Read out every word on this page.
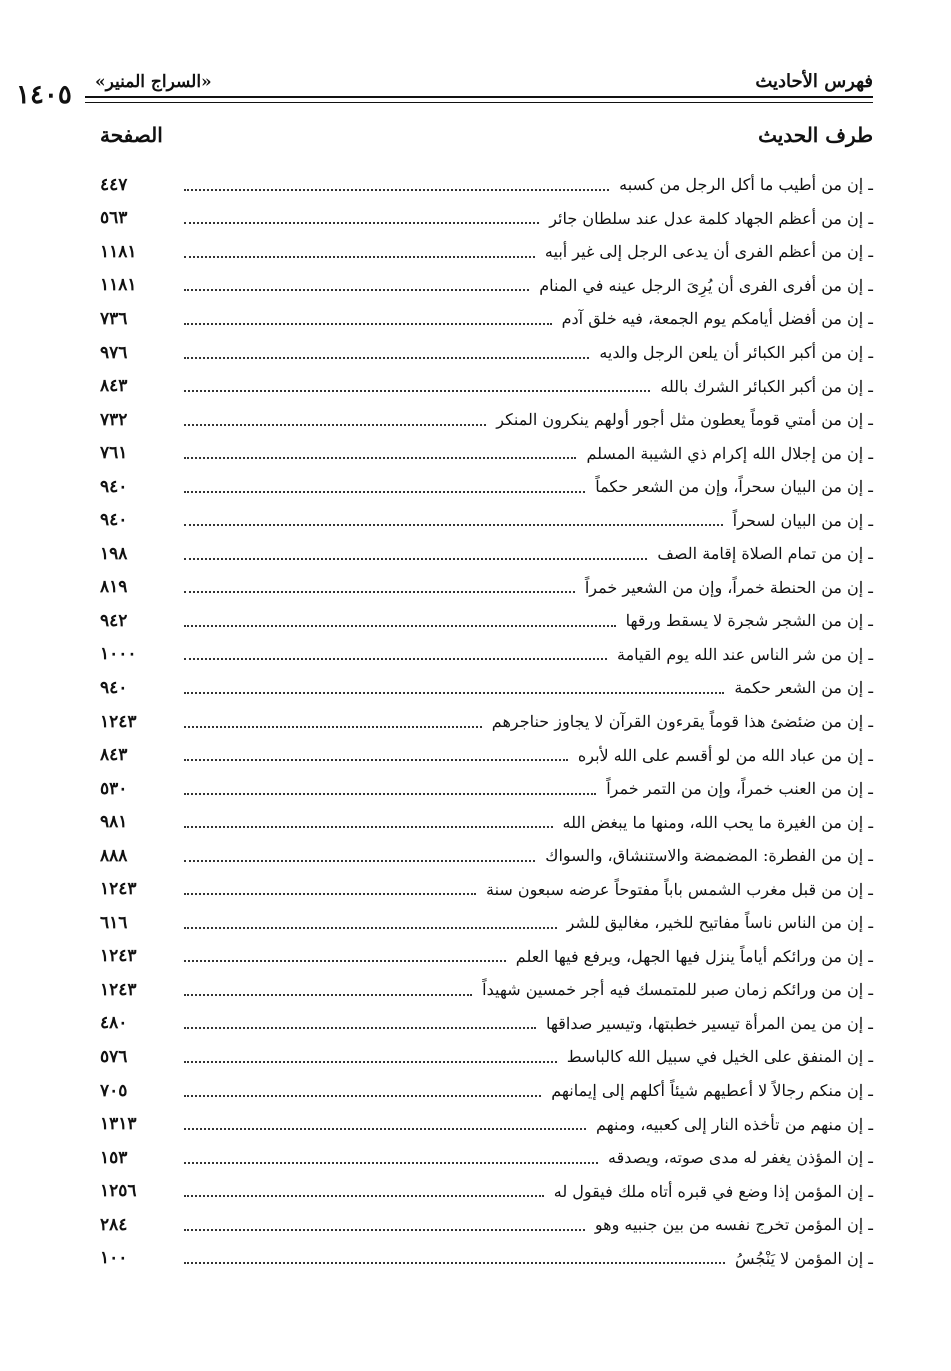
«السراج المنير»	فهرس الأحاديث
١٤٠٥
الصفحة	طرف الحديث
ـ إن من أطيب ما أكل الرجل من كسبه
٤٤٧
ـ إن من أعظم الجهاد كلمة عدل عند سلطان جائر
٥٦٣
ـ إن من أعظم الفرى أن يدعى الرجل إلى غير أبيه
١١٨١
ـ إن من أفرى الفرى أن يُرِىَ الرجل عينه في المنام
١١٨١
ـ إن من أفضل أيامكم يوم الجمعة، فيه خلق آدم
٧٣٦
ـ إن من أكبر الكبائر أن يلعن الرجل والديه
٩٧٦
ـ إن من أكبر الكبائر الشرك بالله
٨٤٣
ـ إن من أمتي قوماً يعطون مثل أجور أولهم ينكرون المنكر
٧٣٢
ـ إن من إجلال الله إكرام ذي الشيبة المسلم
٧٦١
ـ إن من البيان سحراً، وإن من الشعر حكماً
٩٤٠
ـ إن من البيان لسحراً
٩٤٠
ـ إن من تمام الصلاة إقامة الصف
١٩٨
ـ إن من الحنطة خمراً، وإن من الشعير خمراً
٨١٩
ـ إن من الشجر شجرة لا يسقط ورقها
٩٤٢
ـ إن من شر الناس عند الله يوم القيامة
١٠٠٠
ـ إن من الشعر حكمة
٩٤٠
ـ إن من ضئضئ هذا قوماً يقرءون القرآن لا يجاوز حناجرهم
١٢٤٣
ـ إن من عباد الله من لو أقسم على الله لأبره
٨٤٣
ـ إن من العنب خمراً، وإن من التمر خمراً
٥٣٠
ـ إن من الغيرة ما يحب الله، ومنها ما يبغض الله
٩٨١
ـ إن من الفطرة: المضمضة والاستنشاق، والسواك
٨٨٨
ـ إن من قبل مغرب الشمس باباً مفتوحاً عرضه سبعون سنة
١٢٤٣
ـ إن من الناس ناساً مفاتيح للخير، مغاليق للشر
٦١٦
ـ إن من ورائكم أياماً ينزل فيها الجهل، ويرفع فيها العلم
١٢٤٣
ـ إن من ورائكم زمان صبر للمتمسك فيه أجر خمسين شهيداً
١٢٤٣
ـ إن من يمن المرأة تيسير خطبتها، وتيسير صداقها
٤٨٠
ـ إن المنفق على الخيل في سبيل الله كالباسط
٥٧٦
ـ إن منكم رجالاً لا أعطيهم شيئاً أكلهم إلى إيمانهم
٧٠٥
ـ إن منهم من تأخذه النار إلى كعبيه، ومنهم
١٣١٣
ـ إن المؤذن يغفر له مدى صوته، ويصدقه
١٥٣
ـ إن المؤمن إذا وضع في قبره أتاه ملك فيقول له
١٢٥٦
ـ إن المؤمن تخرج نفسه من بين جنبيه وهو
٢٨٤
ـ إن المؤمن لا يَنْجُسُ
١٠٠
